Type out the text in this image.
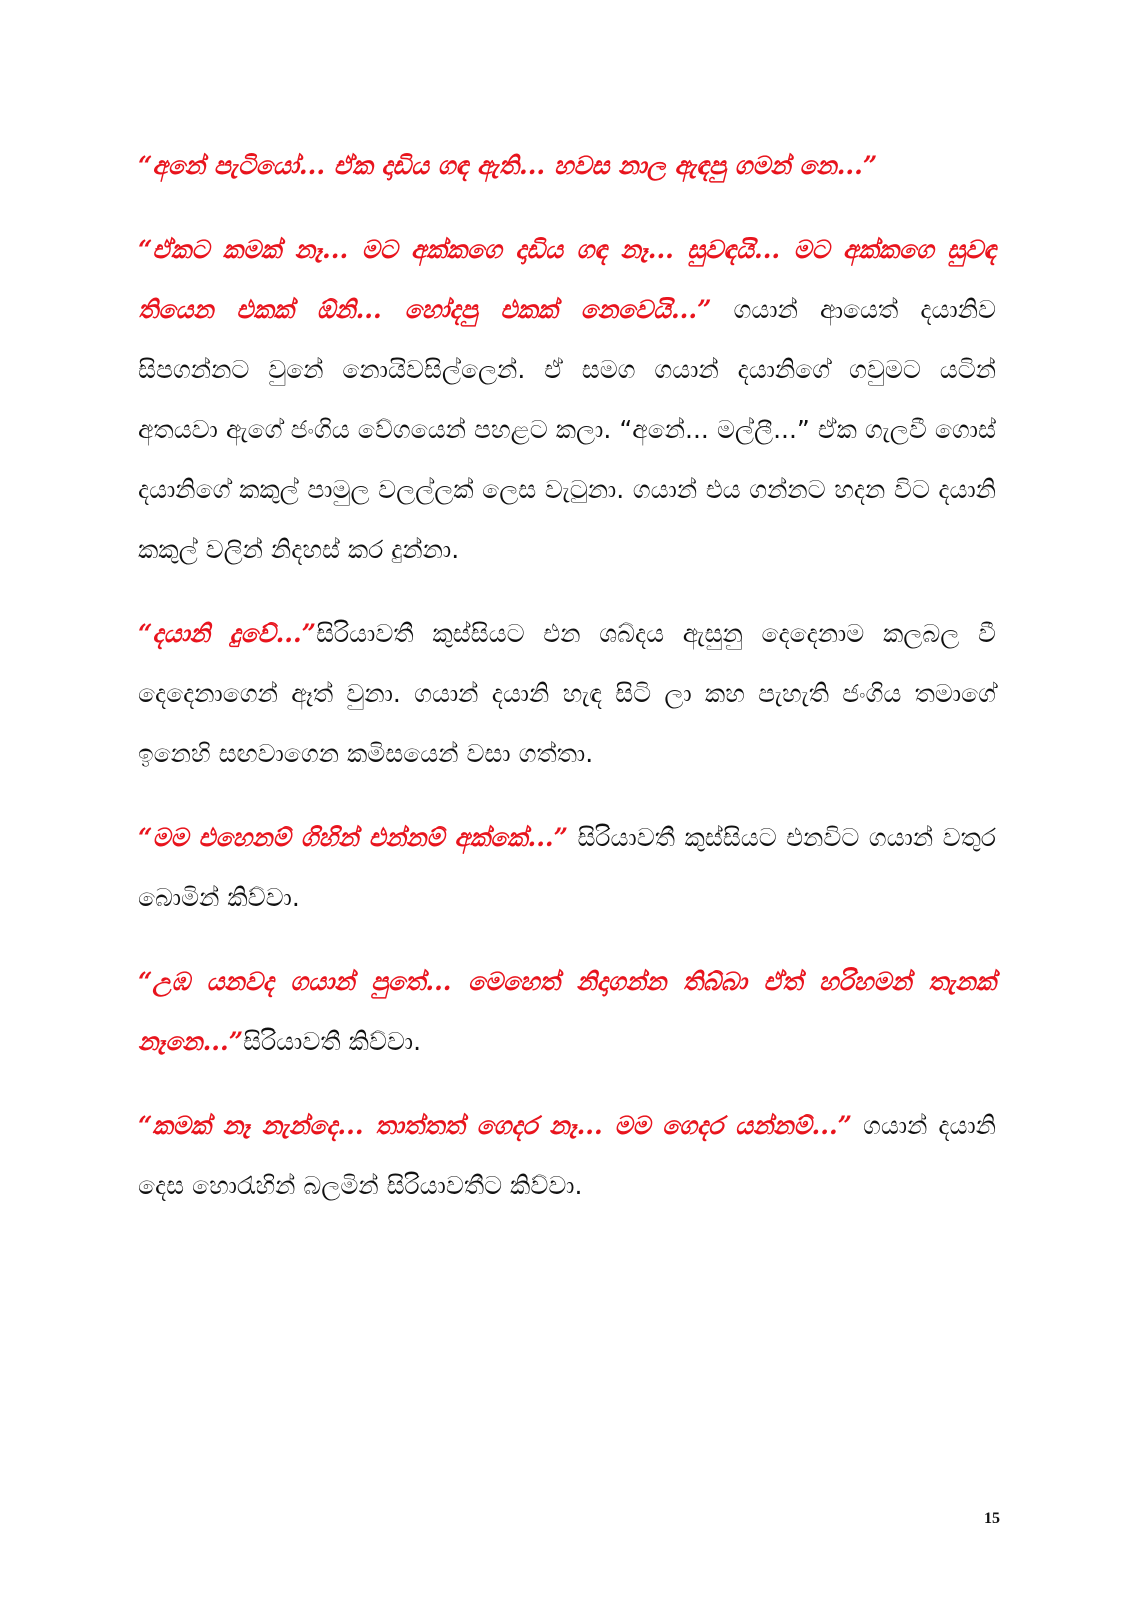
“අනේ පැටියෝ... ඒක දාඩිය ගඳ ඇති... හවස නාල ඇඳපු ගමන් නෙ...”

“ඒකට කමක් නෑ... මට අක්කගෙ දාඩිය ගඳ නෑ... සුවඳයි... මට අක්කගෙ සුවඳ තියෙන එකක් ඕනි... හෝදපු එකක් නෙවෙයි...” ගයාන් ආයෙත් දයානිව සිපගන්නට වුනේ නොයිවසිල්ලෙන්. ඒ සමග ගයාන් දයානිගේ ගවුමට යටින් අතයවා ඇගේ ජංගිය වේගයෙන් පහළට කලා. “අනේ... මල්ලී...” ඒක ගැලවී ගොස් දයානිගේ කකුල් පාමුල වලල්ලක් ලෙස වැටුනා. ගයාන් එය ගන්නට හදන විට දයානි කකුල් වලින් නිදහස් කර දුන්නා.

“දයානි දුවේ...”සිරියාවතී කුස්සියට එන ශබ්දය ඇසුනු දෙදෙනාම කලබල වී දෙදෙනාගෙන් ඈත් වුනා. ගයාන් දයානි හැඳ සිටි ලා කහ පැහැති ජංගිය තමාගේ ඉනෙහි සඟවාගෙන කමිසයෙන් වසා ගත්තා.

“මම එහෙනම් ගිහින් එන්නම් අක්කේ...” සිරියාවතී කුස්සියට එනවිට ගයාන් වතුර බොමින් කිව්වා.

“උඹ යනවද ගයාන් පුතේ... මෙහෙත් නිදාගන්න තිබ්බා ඒත් හරිහමන් තැනක් නෑනෙ...”සිරියාවතී කිව්වා.

“කමක් නෑ නැන්දෙ... තාත්තත් ගෙදර නෑ... මම ගෙදර යන්නම්...” ගයාන් දයානි දෙස හොරැහින් බලමින් සිරියාවතීට කිව්වා.

15
